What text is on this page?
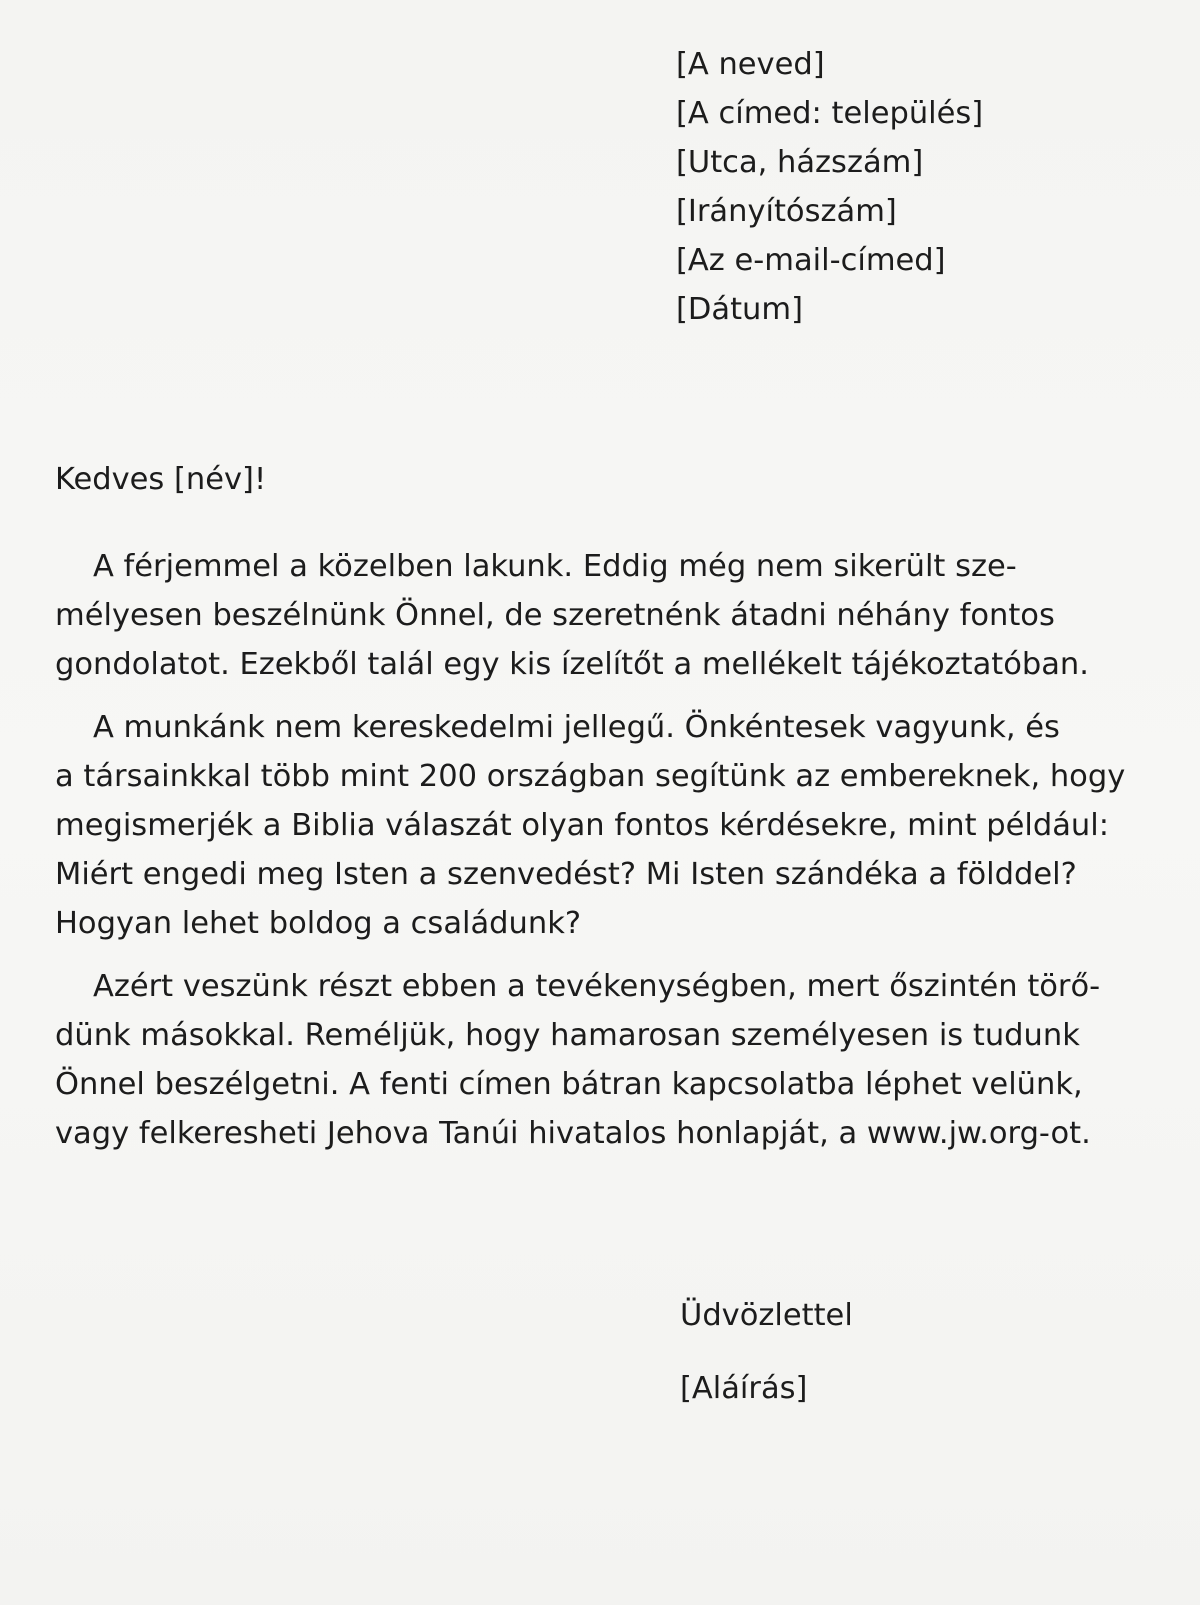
[A neved]
[A címed: település]
[Utca, házszám]
[Irányítószám]
[Az e-mail-címed]
[Dátum]

Kedves [név]!

A férjemmel a közelben lakunk. Eddig még nem sikerült sze-
mélyesen beszélnünk Önnel, de szeretnénk átadni néhány fontos
gondolatot. Ezekből talál egy kis ízelítőt a mellékelt tájékoztatóban.

A munkánk nem kereskedelmi jellegű. Önkéntesek vagyunk, és
a társainkkal több mint 200 országban segítünk az embereknek, hogy
megismerjék a Biblia válaszát olyan fontos kérdésekre, mint például:
Miért engedi meg Isten a szenvedést? Mi Isten szándéka a földdel?
Hogyan lehet boldog a családunk?

Azért veszünk részt ebben a tevékenységben, mert őszintén törő-
dünk másokkal. Reméljük, hogy hamarosan személyesen is tudunk
Önnel beszélgetni. A fenti címen bátran kapcsolatba léphet velünk,
vagy felkeresheti Jehova Tanúi hivatalos honlapját, a www.jw.org-ot.

Üdvözlettel
[Aláírás]
